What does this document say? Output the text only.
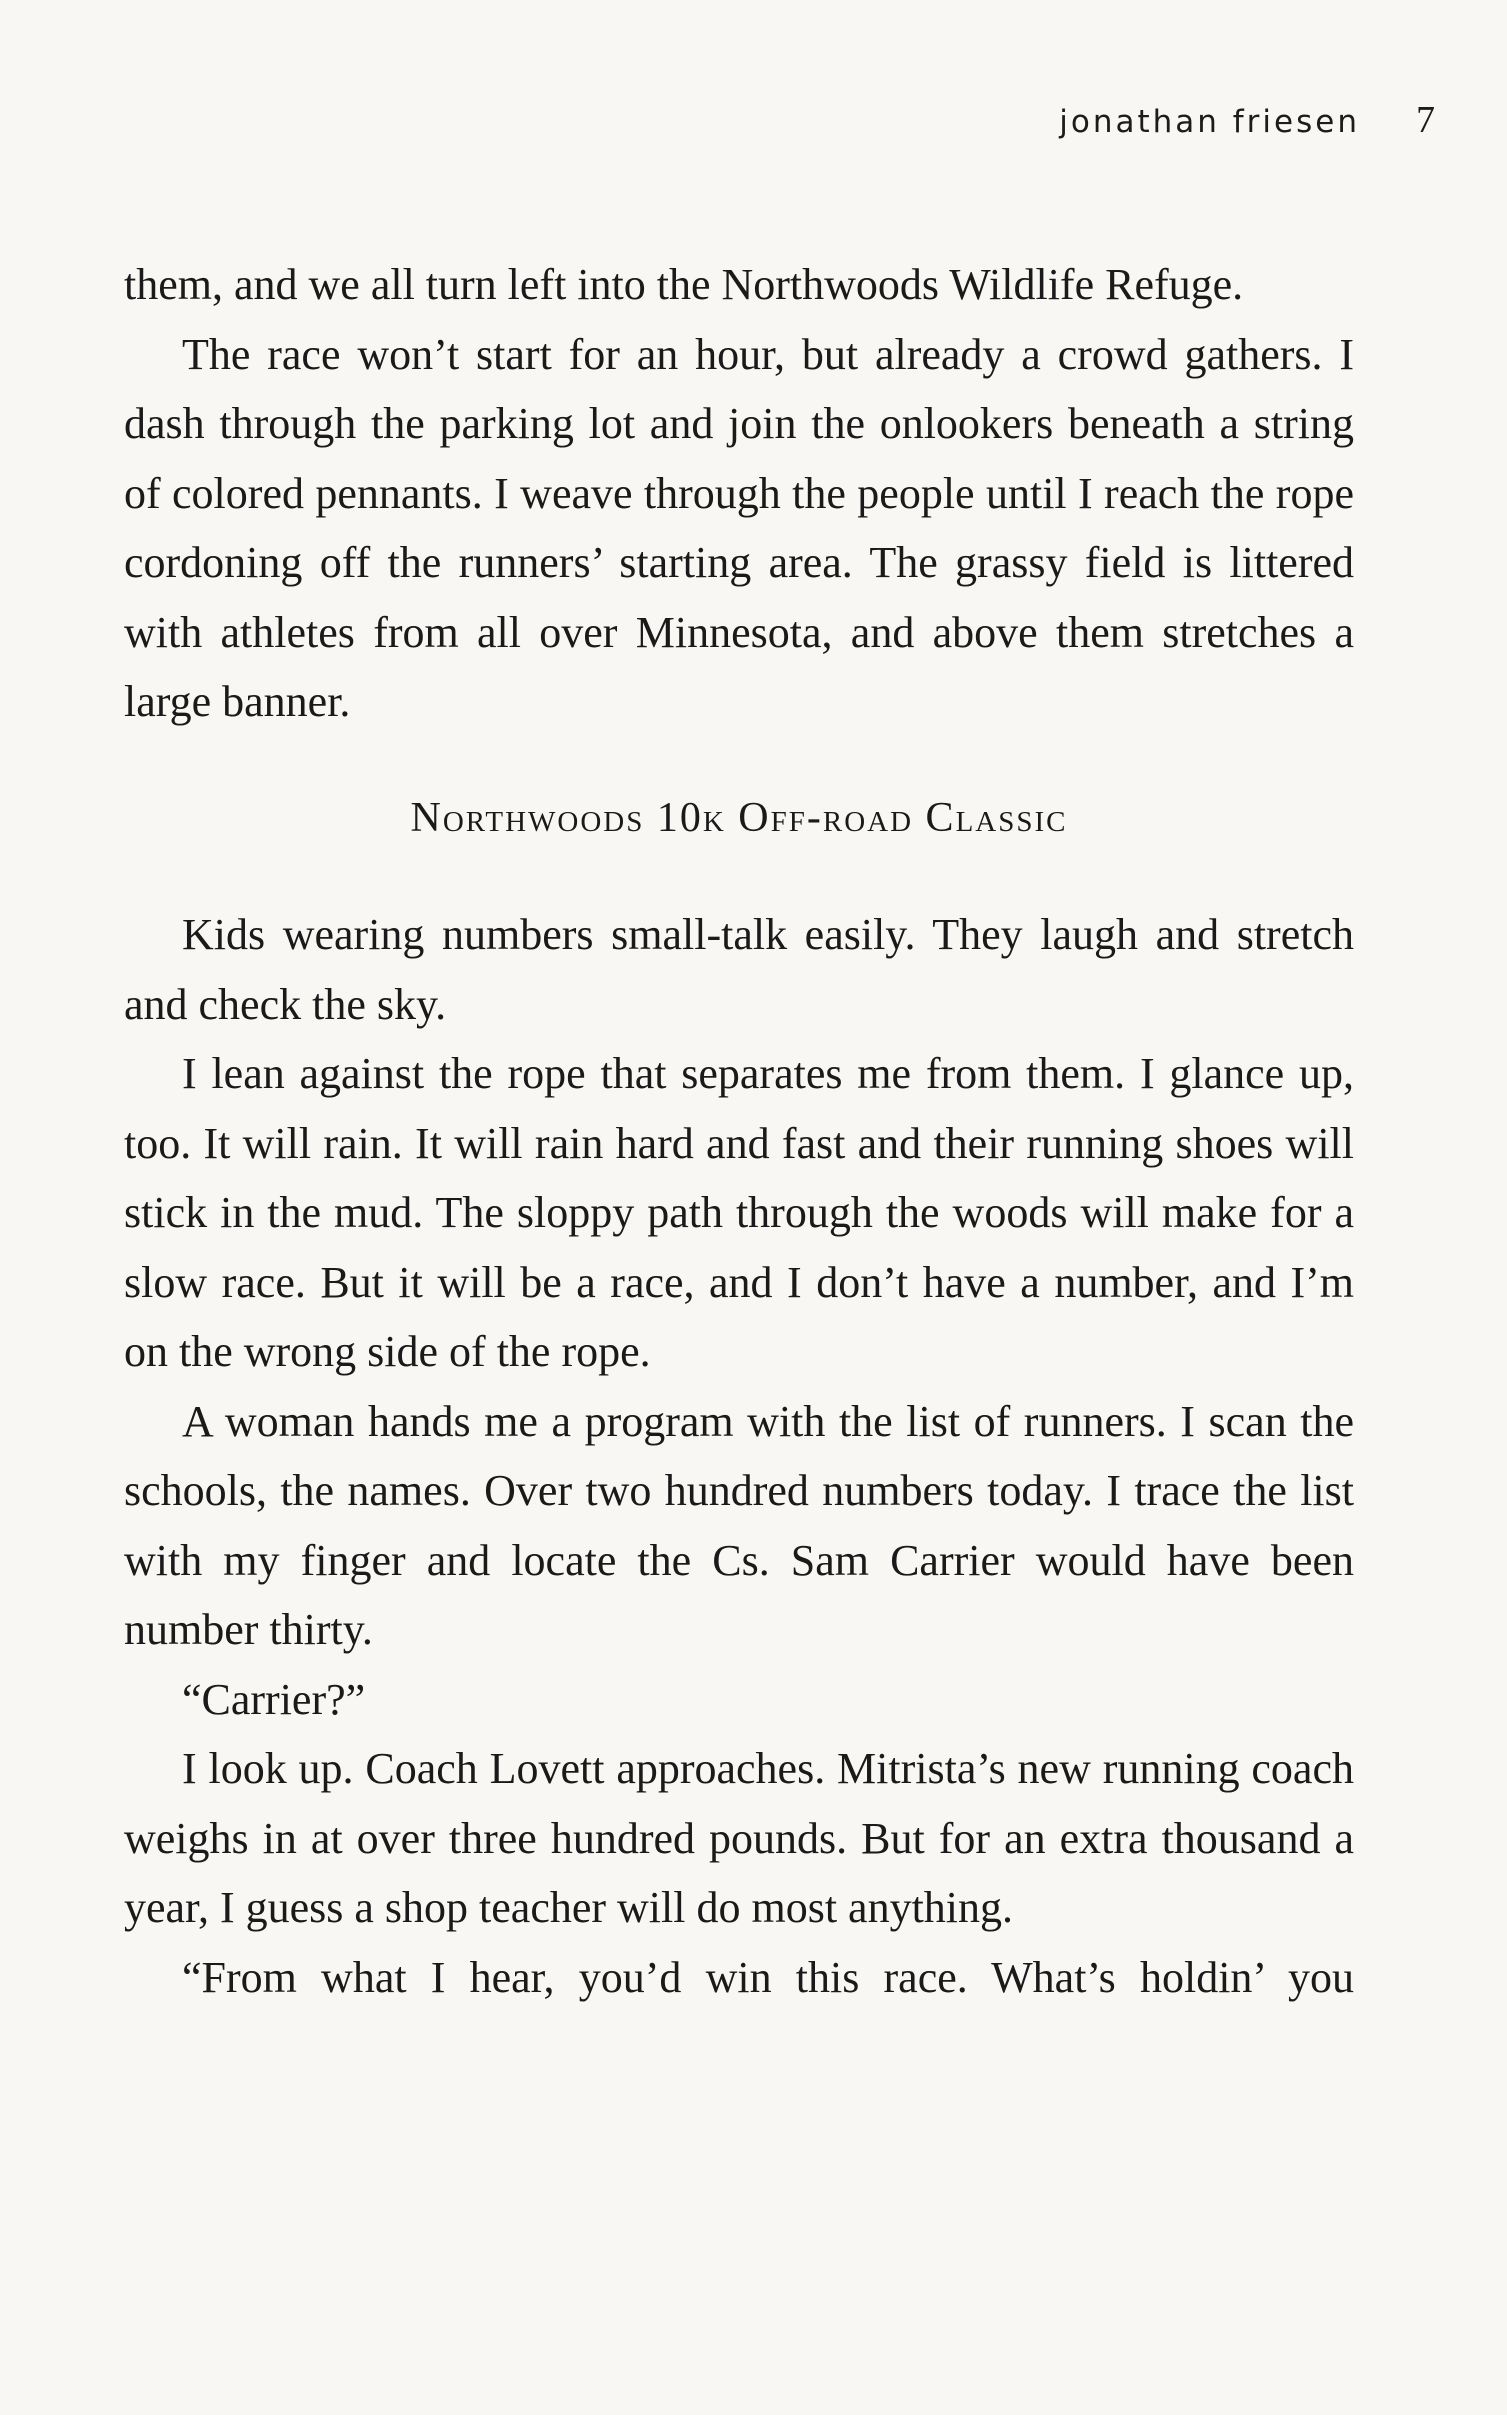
jonathan friesen 7

them, and we all turn left into the Northwoods Wildlife Refuge.

The race won’t start for an hour, but already a crowd gathers. I dash through the parking lot and join the onlookers beneath a string of colored pennants. I weave through the people until I reach the rope cordoning off the runners’ starting area. The grassy field is littered with athletes from all over Minnesota, and above them stretches a large banner.

Northwoods 10k Off-road Classic

Kids wearing numbers small-talk easily. They laugh and stretch and check the sky.

I lean against the rope that separates me from them. I glance up, too. It will rain. It will rain hard and fast and their running shoes will stick in the mud. The sloppy path through the woods will make for a slow race. But it will be a race, and I don’t have a number, and I’m on the wrong side of the rope.

A woman hands me a program with the list of runners. I scan the schools, the names. Over two hundred numbers today. I trace the list with my finger and locate the Cs. Sam Carrier would have been number thirty.

“Carrier?”

I look up. Coach Lovett approaches. Mitrista’s new running coach weighs in at over three hundred pounds. But for an extra thousand a year, I guess a shop teacher will do most anything.

“From what I hear, you’d win this race. What’s holdin’ you
